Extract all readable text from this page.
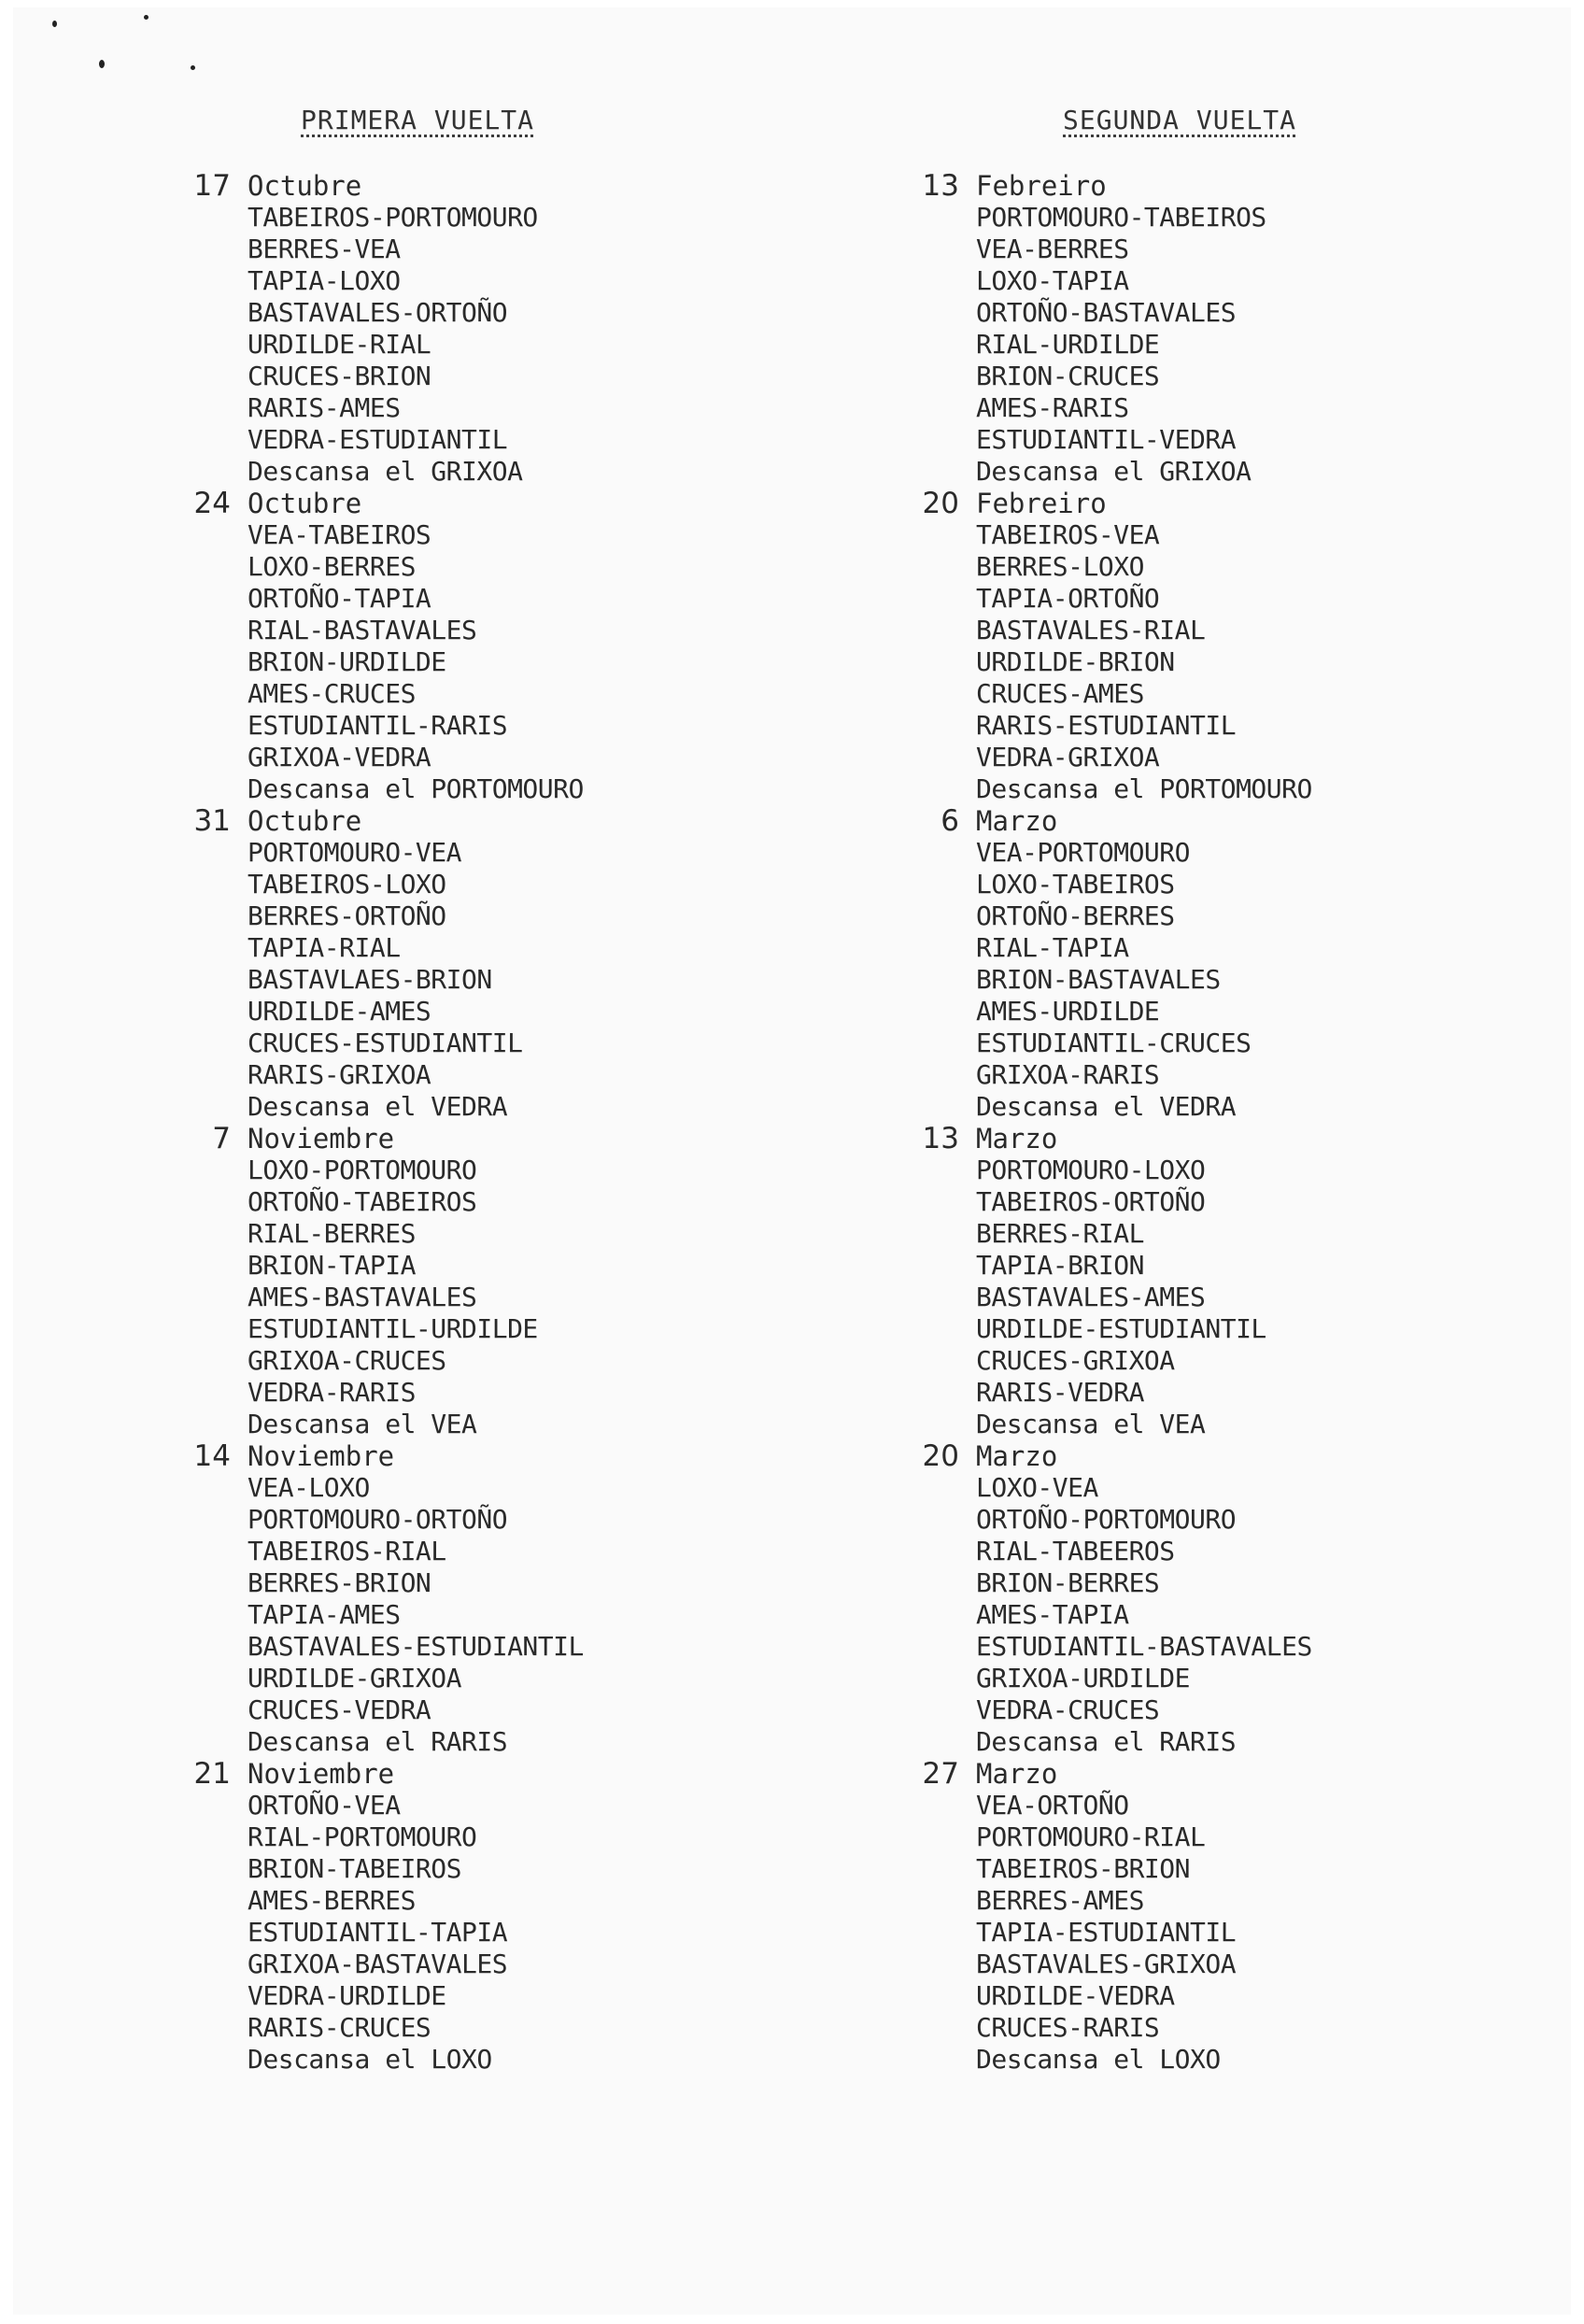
PRIMERA VUELTA	SEGUNDA VUELTA
17 Octubre
TABEIROS-PORTOMOURO
BERRES-VEA
TAPIA-LOXO
BASTAVALES-ORTOÑO
URDILDE-RIAL
CRUCES-BRION
RARIS-AMES
VEDRA-ESTUDIANTIL
Descansa el GRIXOA
24 Octubre
VEA-TABEIROS
LOXO-BERRES
ORTOÑO-TAPIA
RIAL-BASTAVALES
BRION-URDILDE
AMES-CRUCES
ESTUDIANTIL-RARIS
GRIXOA-VEDRA
Descansa el PORTOMOURO
31 Octubre
PORTOMOURO-VEA
TABEIROS-LOXO
BERRES-ORTOÑO
TAPIA-RIAL
BASTAVLAES-BRION
URDILDE-AMES
CRUCES-ESTUDIANTIL
RARIS-GRIXOA
Descansa el VEDRA
7 Noviembre
LOXO-PORTOMOURO
ORTOÑO-TABEIROS
RIAL-BERRES
BRION-TAPIA
AMES-BASTAVALES
ESTUDIANTIL-URDILDE
GRIXOA-CRUCES
VEDRA-RARIS
Descansa el VEA
14 Noviembre
VEA-LOXO
PORTOMOURO-ORTOÑO
TABEIROS-RIAL
BERRES-BRION
TAPIA-AMES
BASTAVALES-ESTUDIANTIL
URDILDE-GRIXOA
CRUCES-VEDRA
Descansa el RARIS
21 Noviembre
ORTOÑO-VEA
RIAL-PORTOMOURO
BRION-TABEIROS
AMES-BERRES
ESTUDIANTIL-TAPIA
GRIXOA-BASTAVALES
VEDRA-URDILDE
RARIS-CRUCES
Descansa el LOXO
13 Febreiro
PORTOMOURO-TABEIROS
VEA-BERRES
LOXO-TAPIA
ORTOÑO-BASTAVALES
RIAL-URDILDE
BRION-CRUCES
AMES-RARIS
ESTUDIANTIL-VEDRA
Descansa el GRIXOA
20 Febreiro
TABEIROS-VEA
BERRES-LOXO
TAPIA-ORTOÑO
BASTAVALES-RIAL
URDILDE-BRION
CRUCES-AMES
RARIS-ESTUDIANTIL
VEDRA-GRIXOA
Descansa el PORTOMOURO
6 Marzo
VEA-PORTOMOURO
LOXO-TABEIROS
ORTOÑO-BERRES
RIAL-TAPIA
BRION-BASTAVALES
AMES-URDILDE
ESTUDIANTIL-CRUCES
GRIXOA-RARIS
Descansa el VEDRA
13 Marzo
PORTOMOURO-LOXO
TABEIROS-ORTOÑO
BERRES-RIAL
TAPIA-BRION
BASTAVALES-AMES
URDILDE-ESTUDIANTIL
CRUCES-GRIXOA
RARIS-VEDRA
Descansa el VEA
20 Marzo
LOXO-VEA
ORTOÑO-PORTOMOURO
RIAL-TABEEROS
BRION-BERRES
AMES-TAPIA
ESTUDIANTIL-BASTAVALES
GRIXOA-URDILDE
VEDRA-CRUCES
Descansa el RARIS
27 Marzo
VEA-ORTOÑO
PORTOMOURO-RIAL
TABEIROS-BRION
BERRES-AMES
TAPIA-ESTUDIANTIL
BASTAVALES-GRIXOA
URDILDE-VEDRA
CRUCES-RARIS
Descansa el LOXO
